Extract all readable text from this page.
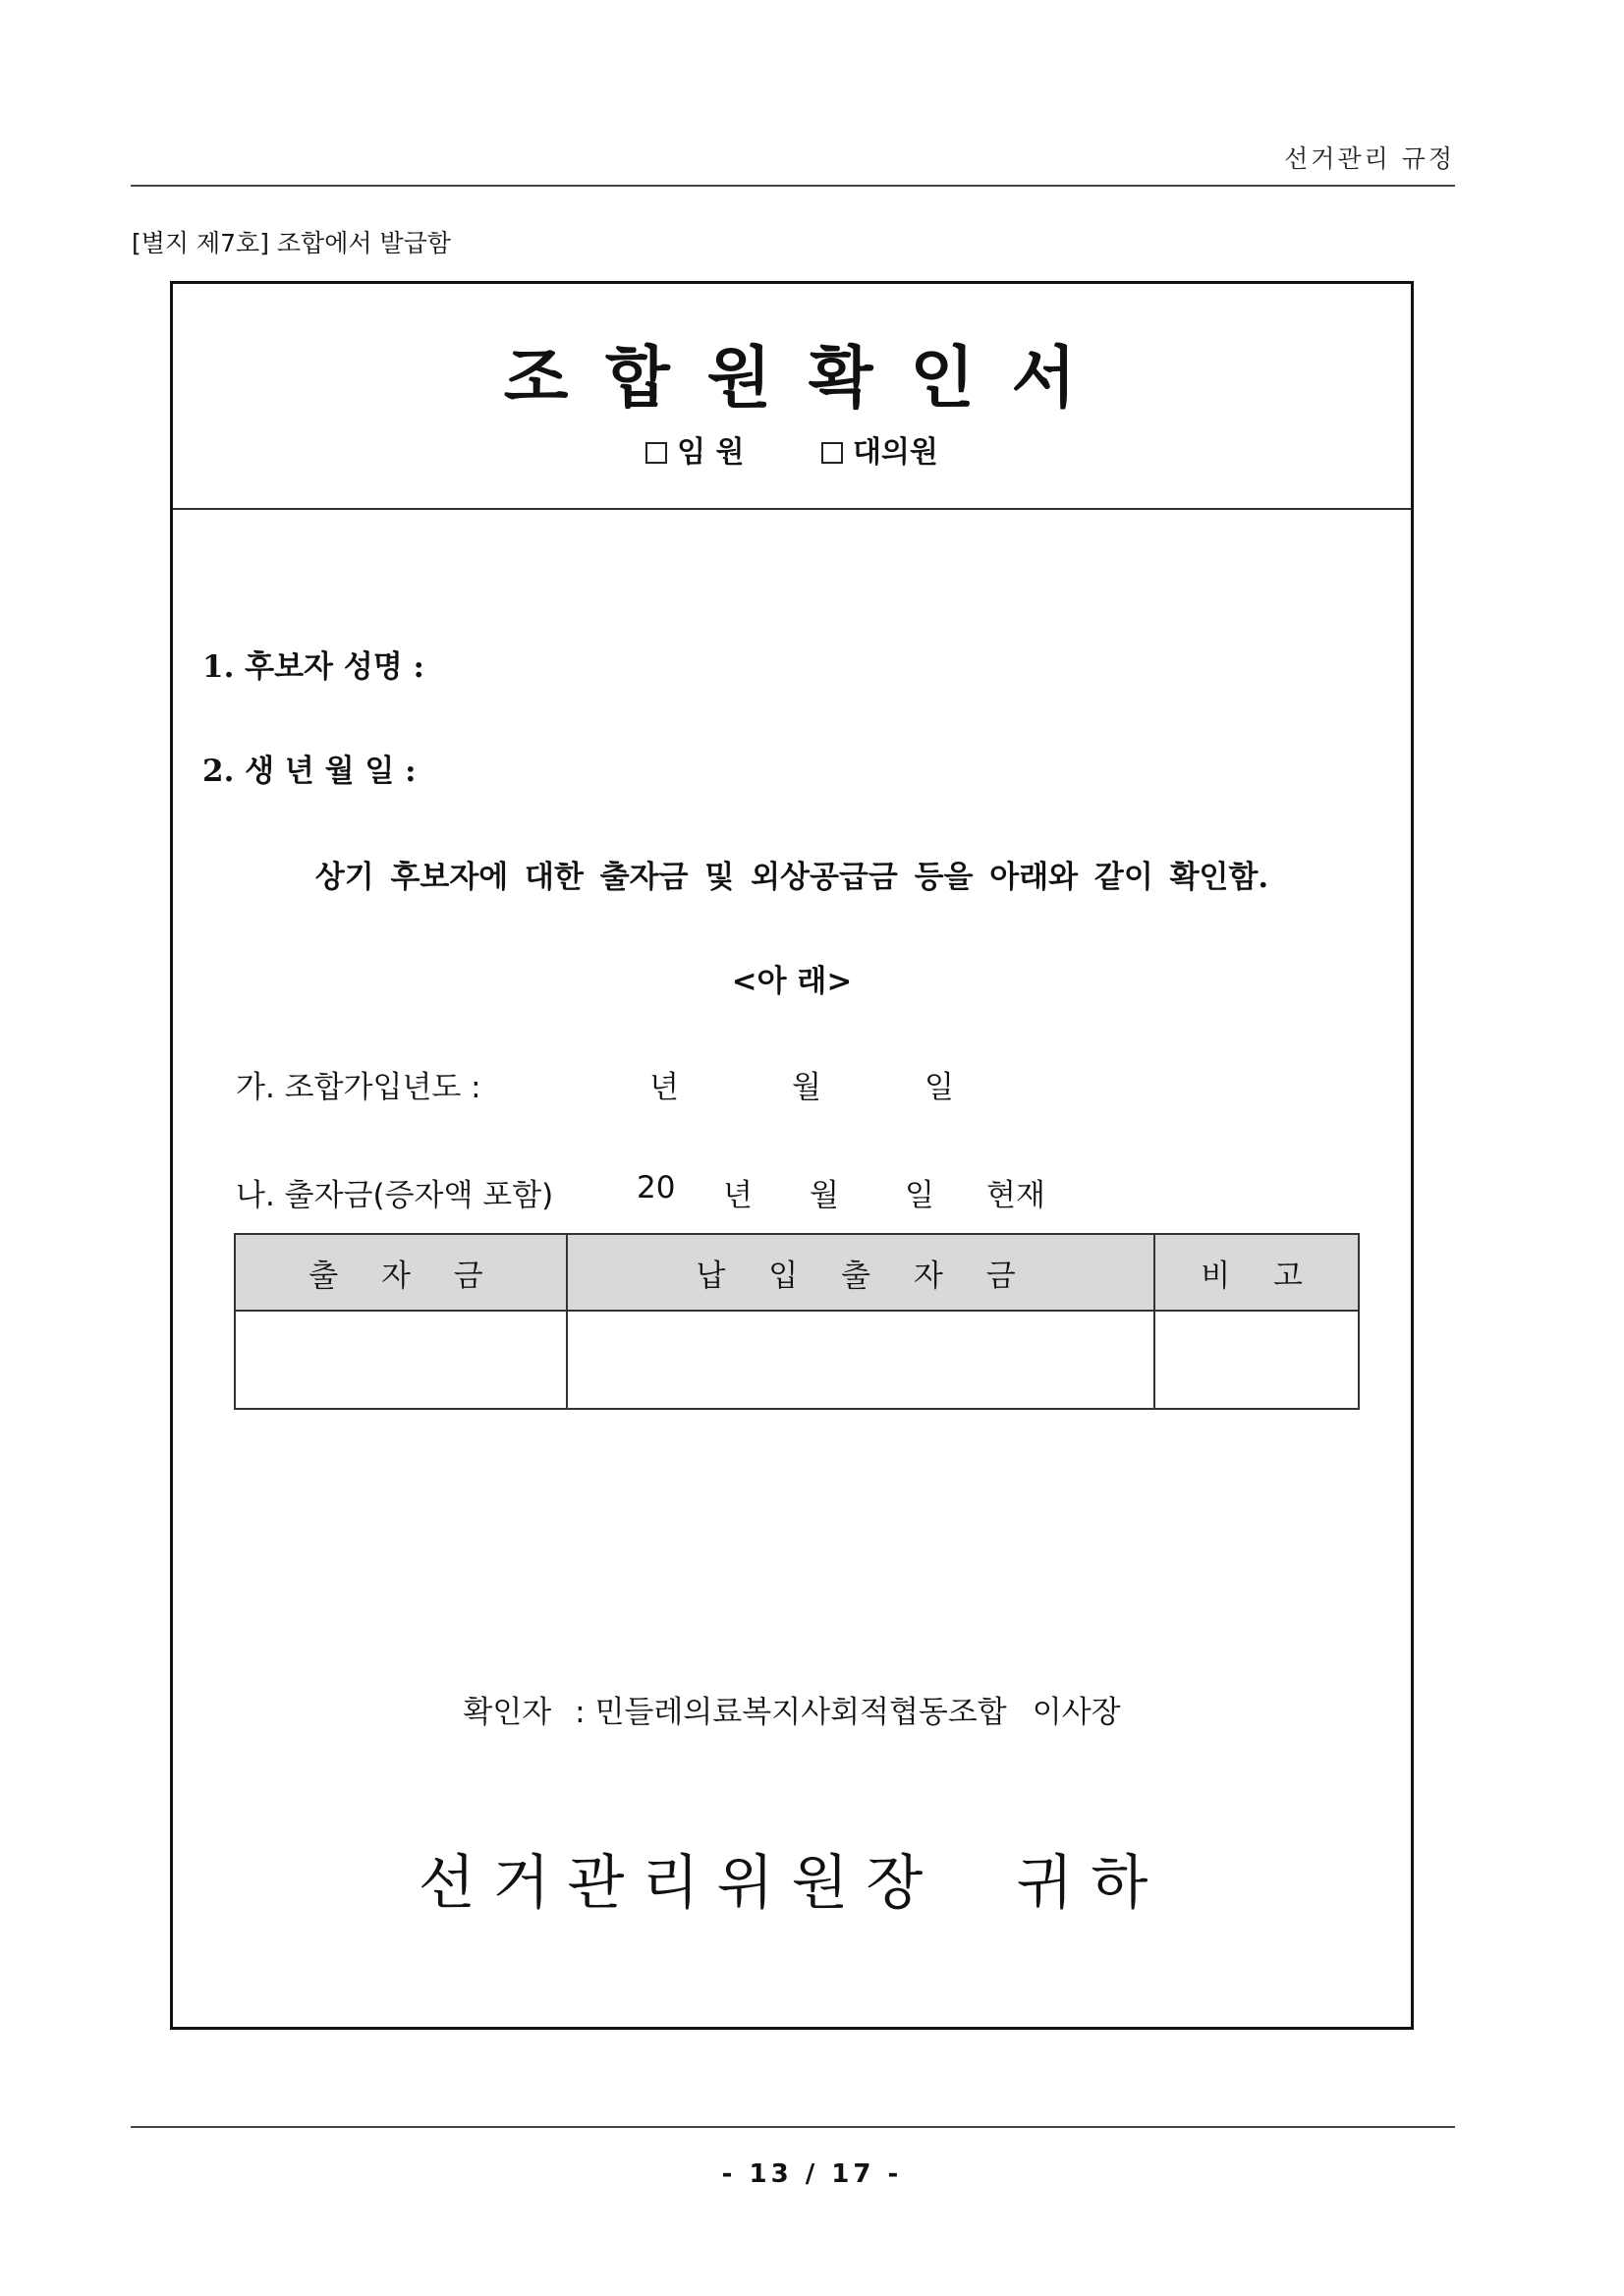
선거관리 규정
[별지 제7호] 조합에서 발급함
조 합 원 확 인 서
임 원	대의원
1. 후보자 성명 :
2. 생 년 월 일 :
상기 후보자에 대한 출자금 및 외상공급금 등을 아래와 같이 확인함.
<아 래>
가. 조합가입년도 :	년	월	일
나. 출자금(증자액 포함)	20 년 월 일 현재
출 자 금	납 입 출 자 금	비 고

확인자 : 민들레의료복지사회적협동조합 이사장
선거관리위원장 귀하
- 13 / 17 -
